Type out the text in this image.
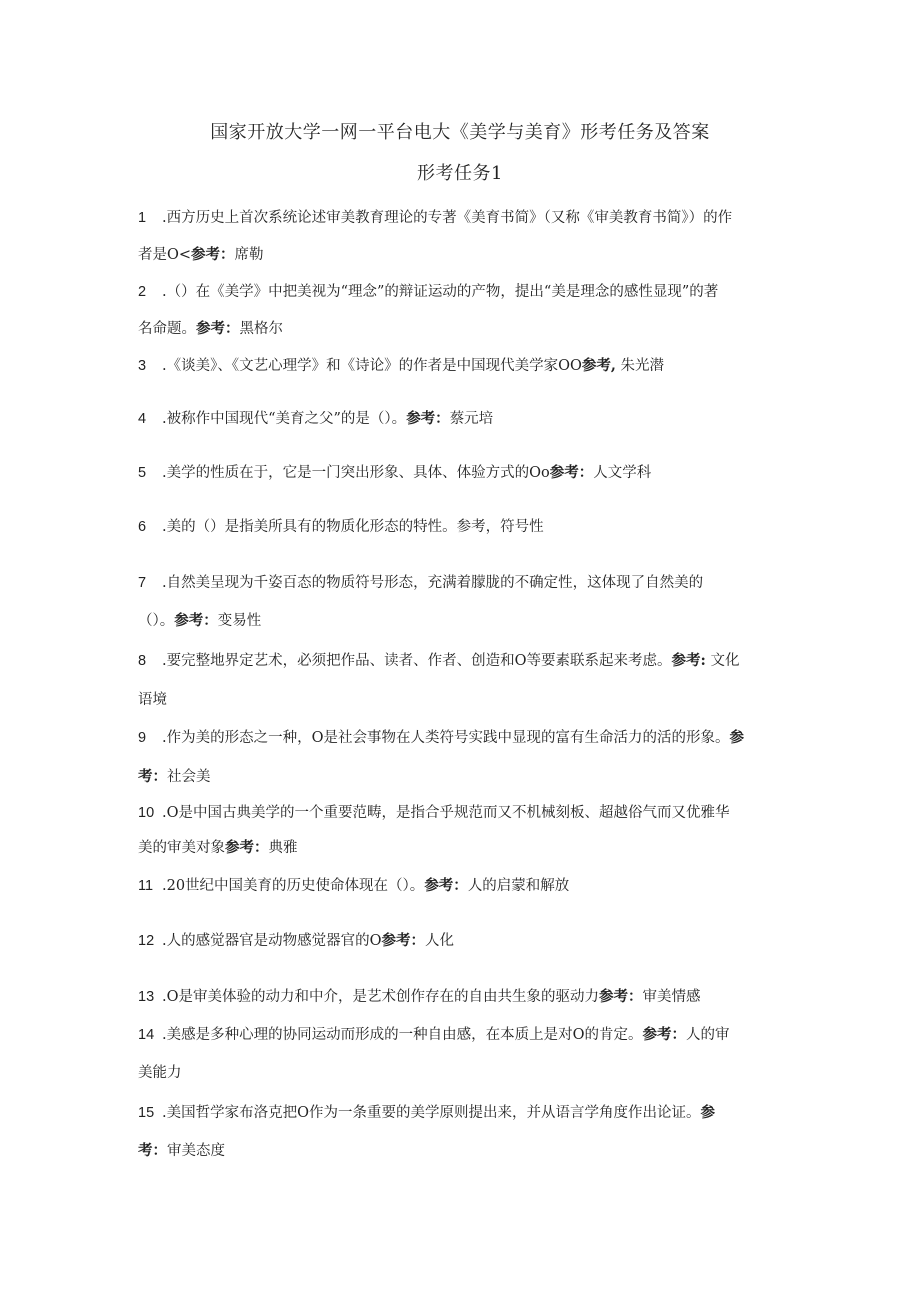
国家开放大学一网一平台电大《美学与美育》形考任务及答案
形考任务1
1 .西方历史上首次系统论述审美教育理论的专著《美育书简》（又称《审美教育书简》）的作
者是O<参考：席勒
2 .（）在《美学》中把美视为“理念”的辩证运动的产物，提出“美是理念的感性显现”的著
名命题。参考：黑格尔
3 .《谈美》、《文艺心理学》和《诗论》的作者是中国现代美学家OO参考, 朱光潜
4 .被称作中国现代“美育之父”的是（）。参考：蔡元培
5 .美学的性质在于，它是一门突出形象、具体、体验方式的Oo参考：人文学科
6 .美的（）是指美所具有的物质化形态的特性。参考，符号性
7 .自然美呈现为千姿百态的物质符号形态，充满着朦胧的不确定性，这体现了自然美的
（）。参考：变易性
8 .要完整地界定艺术，必须把作品、读者、作者、创造和O等要素联系起来考虑。参考: 文化
语境
9 .作为美的形态之一种，O是社会事物在人类符号实践中显现的富有生命活力的活的形象。参
考：社会美
10 .O是中国古典美学的一个重要范畴，是指合乎规范而又不机械刻板、超越俗气而又优雅华
美的审美对象参考：典雅
11 .20世纪中国美育的历史使命体现在（）。参考：人的启蒙和解放
12 .人的感觉器官是动物感觉器官的O参考：人化
13 .O是审美体验的动力和中介，是艺术创作存在的自由共生象的驱动力参考：审美情感
14 .美感是多种心理的协同运动而形成的一种自由感，在本质上是对O的肯定。参考：人的审
美能力
15 .美国哲学家布洛克把O作为一条重要的美学原则提出来，并从语言学角度作出论证。参
考：审美态度
